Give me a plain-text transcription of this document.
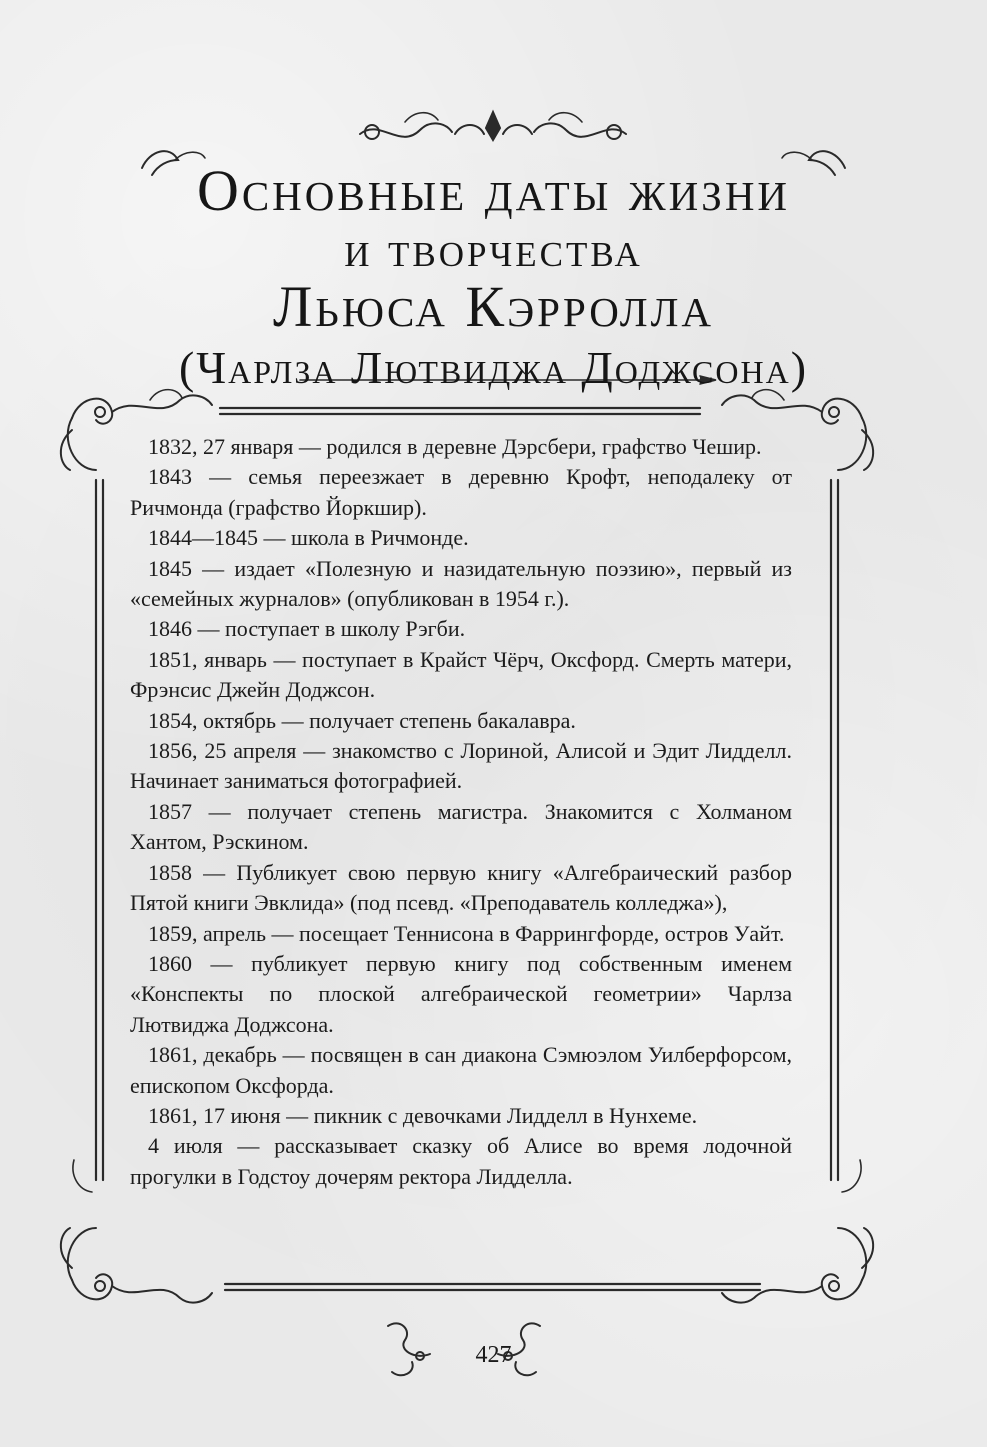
Основные даты жизни
и творчества
Льюса Кэрролла
(Чарлза Лютвиджа Доджсона)

1832, 27 января — родился в деревне Дэрсбери, графство Чешир.

1843 — семья переезжает в деревню Крофт, неподалеку от Ричмонда (графство Йоркшир).

1844—1845 — школа в Ричмонде.

1845 — издает «Полезную и назидательную поэзию», первый из «семейных журналов» (опубликован в 1954 г.).

1846 — поступает в школу Рэгби.

1851, январь — поступает в Крайст Чёрч, Оксфорд. Смерть матери, Фрэнсис Джейн Доджсон.

1854, октябрь — получает степень бакалавра.

1856, 25 апреля — знакомство с Лориной, Алисой и Эдит Лидделл. Начинает заниматься фотографией.

1857 — получает степень магистра. Знакомится с Холманом Хантом, Рэскином.

1858 — Публикует свою первую книгу «Алгебраический разбор Пятой книги Эвклида» (под псевд. «Преподаватель колледжа»),

1859, апрель — посещает Теннисона в Фаррингфорде, остров Уайт.

1860 — публикует первую книгу под собственным именем «Конспекты по плоской алгебраической геометрии» Чарлза Лютвиджа Доджсона.

1861, декабрь — посвящен в сан диакона Сэмюэлом Уилберфорсом, епископом Оксфорда.

1861, 17 июня — пикник с девочками Лидделл в Нунхеме.

4 июля — рассказывает сказку об Алисе во время лодочной прогулки в Годстоу дочерям ректора Лидделла.

427
